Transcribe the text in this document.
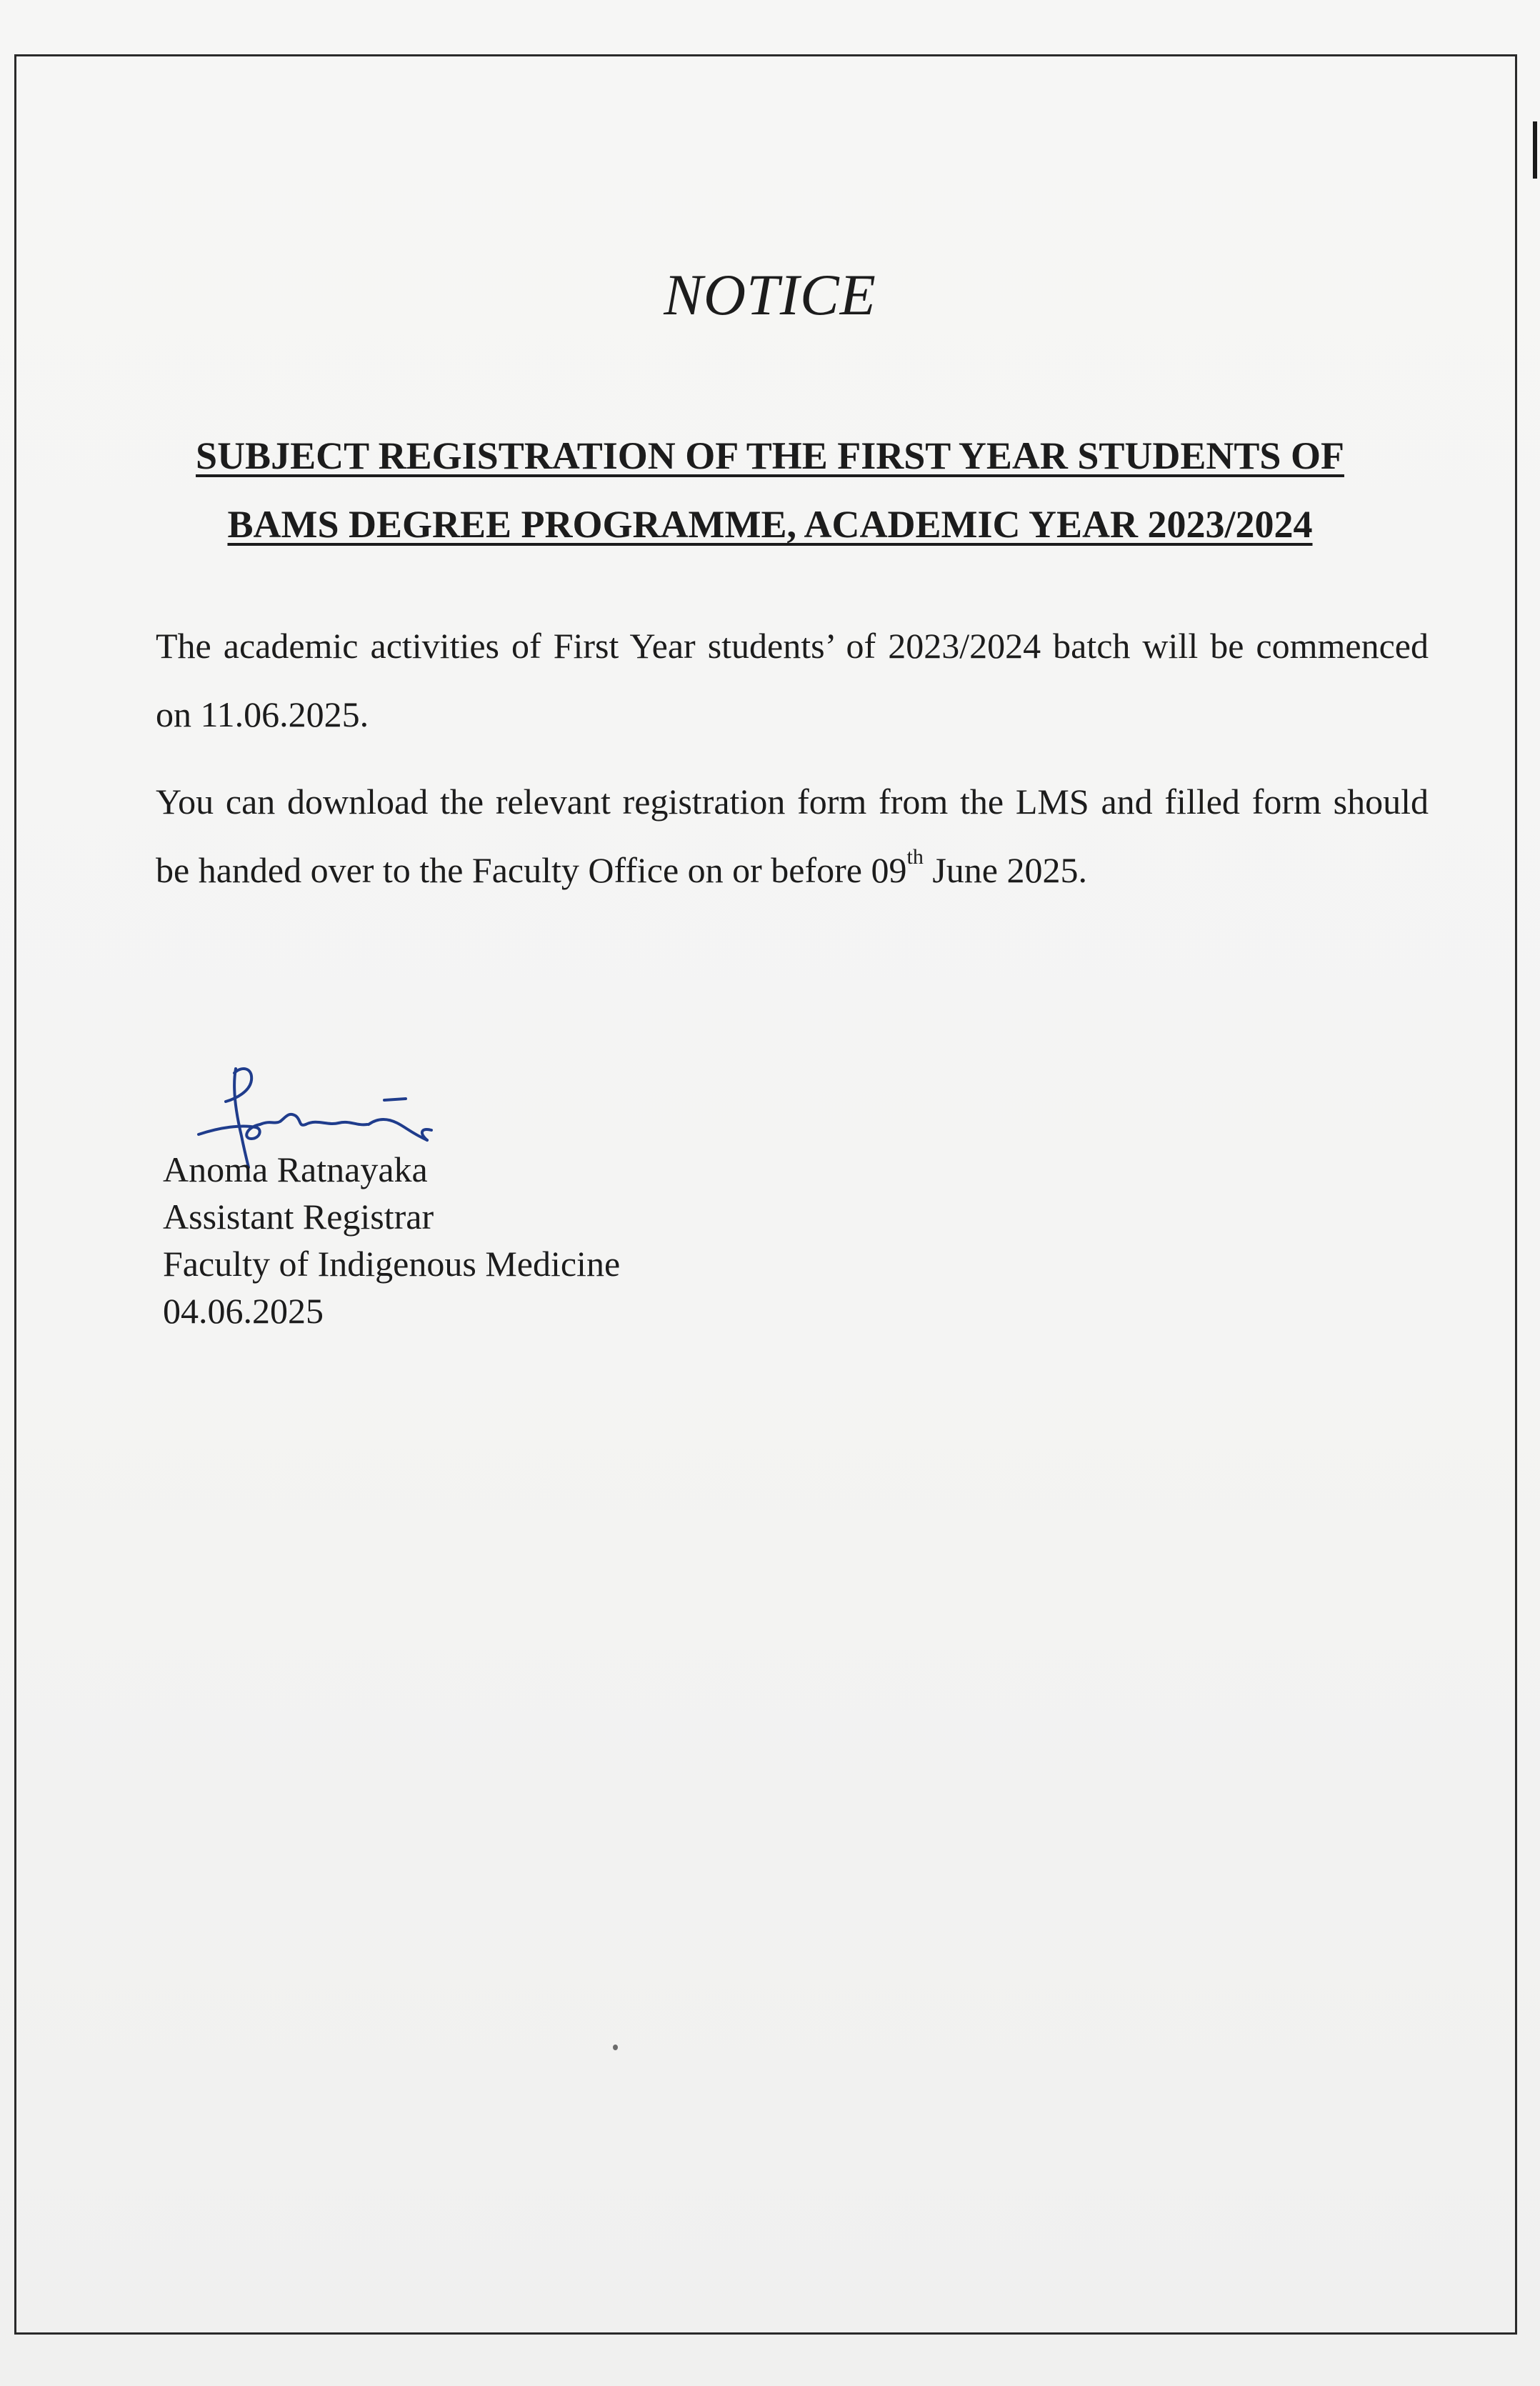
NOTICE
SUBJECT REGISTRATION OF THE FIRST YEAR STUDENTS OF
BAMS DEGREE PROGRAMME, ACADEMIC YEAR 2023/2024

The academic activities of First Year students’ of 2023/2024 batch will be commenced on 11.06.2025.

You can download the relevant registration form from the LMS and filled form should be handed over to the Faculty Office on or before 09th June 2025.

Anoma Ratnayaka
Assistant Registrar
Faculty of Indigenous Medicine
04.06.2025
